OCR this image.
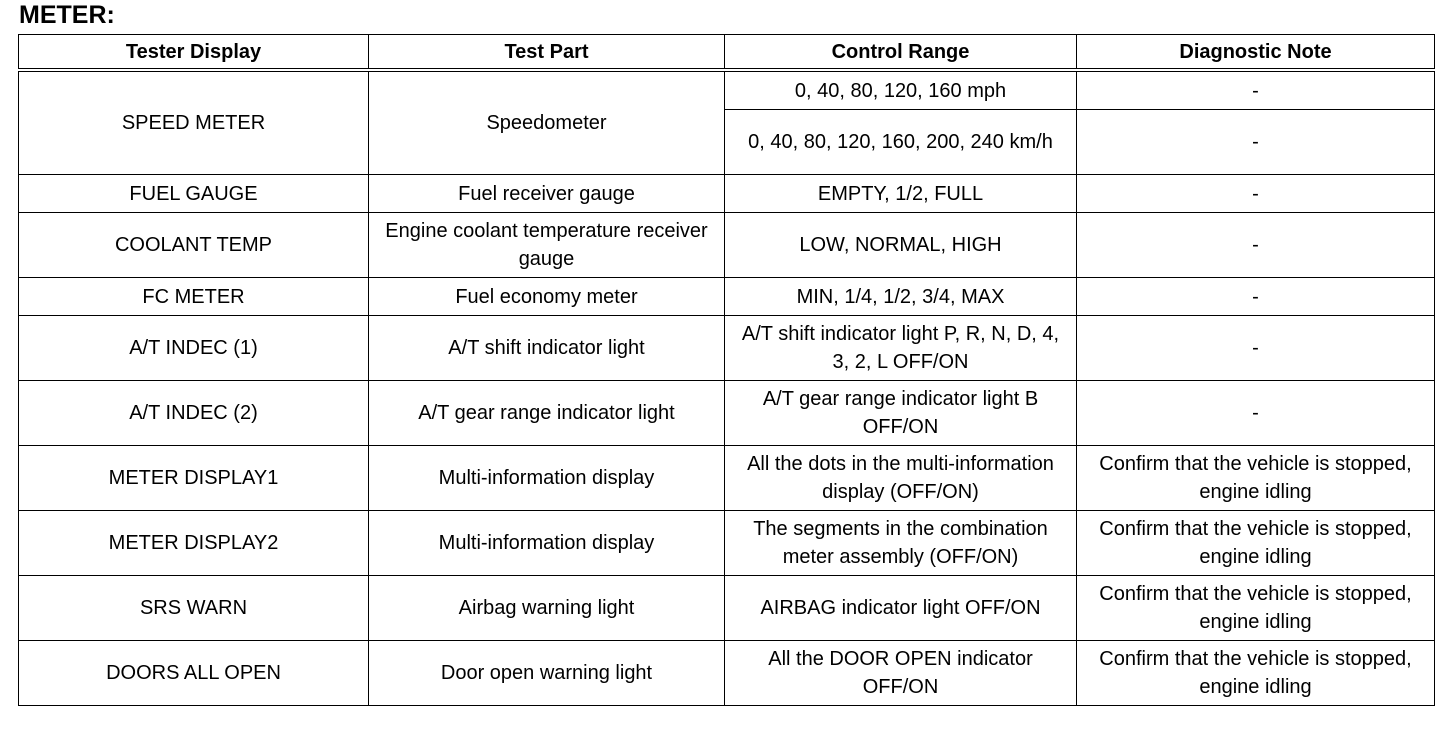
METER:
Tester Display	Test Part	Control Range	Diagnostic Note
SPEED METER	Speedometer	0, 40, 80, 120, 160 mph	-
		0, 40, 80, 120, 160, 200, 240 km/h	-
FUEL GAUGE	Fuel receiver gauge	EMPTY, 1/2, FULL	-
COOLANT TEMP	Engine coolant temperature receiver gauge	LOW, NORMAL, HIGH	-
FC METER	Fuel economy meter	MIN, 1/4, 1/2, 3/4, MAX	-
A/T INDEC (1)	A/T shift indicator light	A/T shift indicator light P, R, N, D, 4, 3, 2, L OFF/ON	-
A/T INDEC (2)	A/T gear range indicator light	A/T gear range indicator light B OFF/ON	-
METER DISPLAY1	Multi-information display	All the dots in the multi-information display (OFF/ON)	Confirm that the vehicle is stopped, engine idling
METER DISPLAY2	Multi-information display	The segments in the combination meter assembly (OFF/ON)	Confirm that the vehicle is stopped, engine idling
SRS WARN	Airbag warning light	AIRBAG indicator light OFF/ON	Confirm that the vehicle is stopped, engine idling
DOORS ALL OPEN	Door open warning light	All the DOOR OPEN indicator OFF/ON	Confirm that the vehicle is stopped, engine idling
